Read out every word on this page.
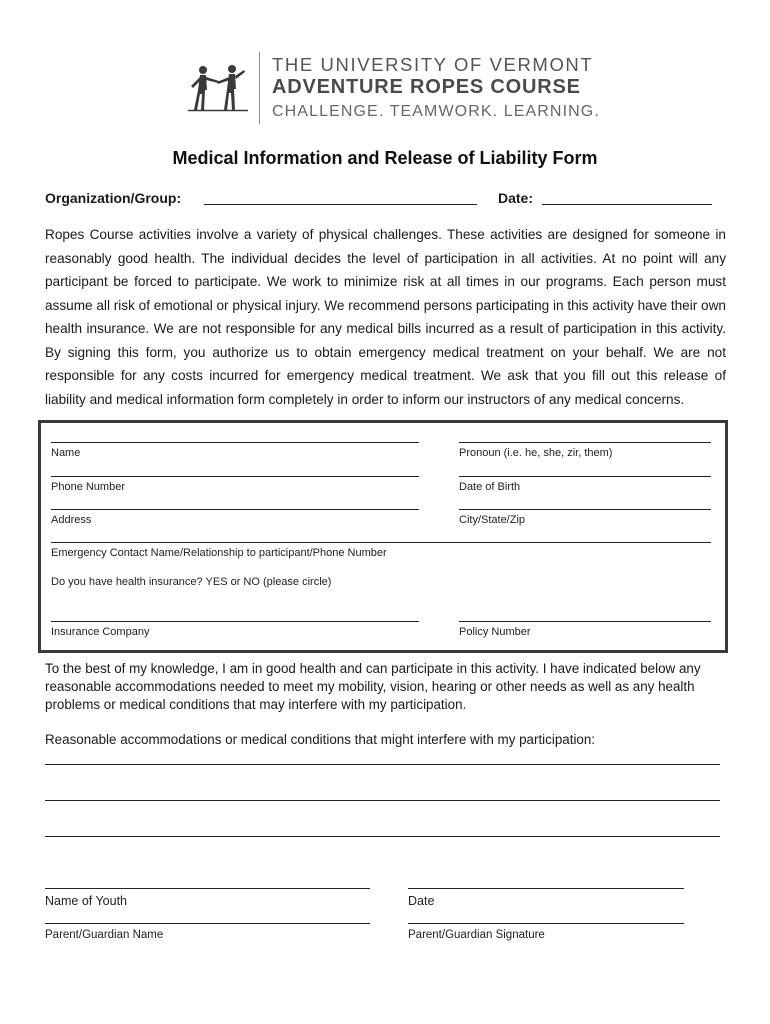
THE UNIVERSITY OF VERMONT
ADVENTURE ROPES COURSE
CHALLENGE. TEAMWORK. LEARNING.
Medical Information and Release of Liability Form
Organization/Group:	Date:
Ropes Course activities involve a variety of physical challenges. These activities are designed for someone in reasonably good health. The individual decides the level of participation in all activities. At no point will any participant be forced to participate. We work to minimize risk at all times in our programs. Each person must assume all risk of emotional or physical injury. We recommend persons participating in this activity have their own health insurance. We are not responsible for any medical bills incurred as a result of participation in this activity. By signing this form, you authorize us to obtain emergency medical treatment on your behalf. We are not responsible for any costs incurred for emergency medical treatment. We ask that you fill out this release of liability and medical information form completely in order to inform our instructors of any medical concerns.
Name	Pronoun (i.e. he, she, zir, them)
Phone Number	Date of Birth
Address	City/State/Zip
Emergency Contact Name/Relationship to participant/Phone Number
Do you have health insurance? YES or NO (please circle)
Insurance Company	Policy Number
To the best of my knowledge, I am in good health and can participate in this activity. I have indicated below any reasonable accommodations needed to meet my mobility, vision, hearing or other needs as well as any health problems or medical conditions that may interfere with my participation.
Reasonable accommodations or medical conditions that might interfere with my participation:
Name of Youth	Date
Parent/Guardian Name	Parent/Guardian Signature
